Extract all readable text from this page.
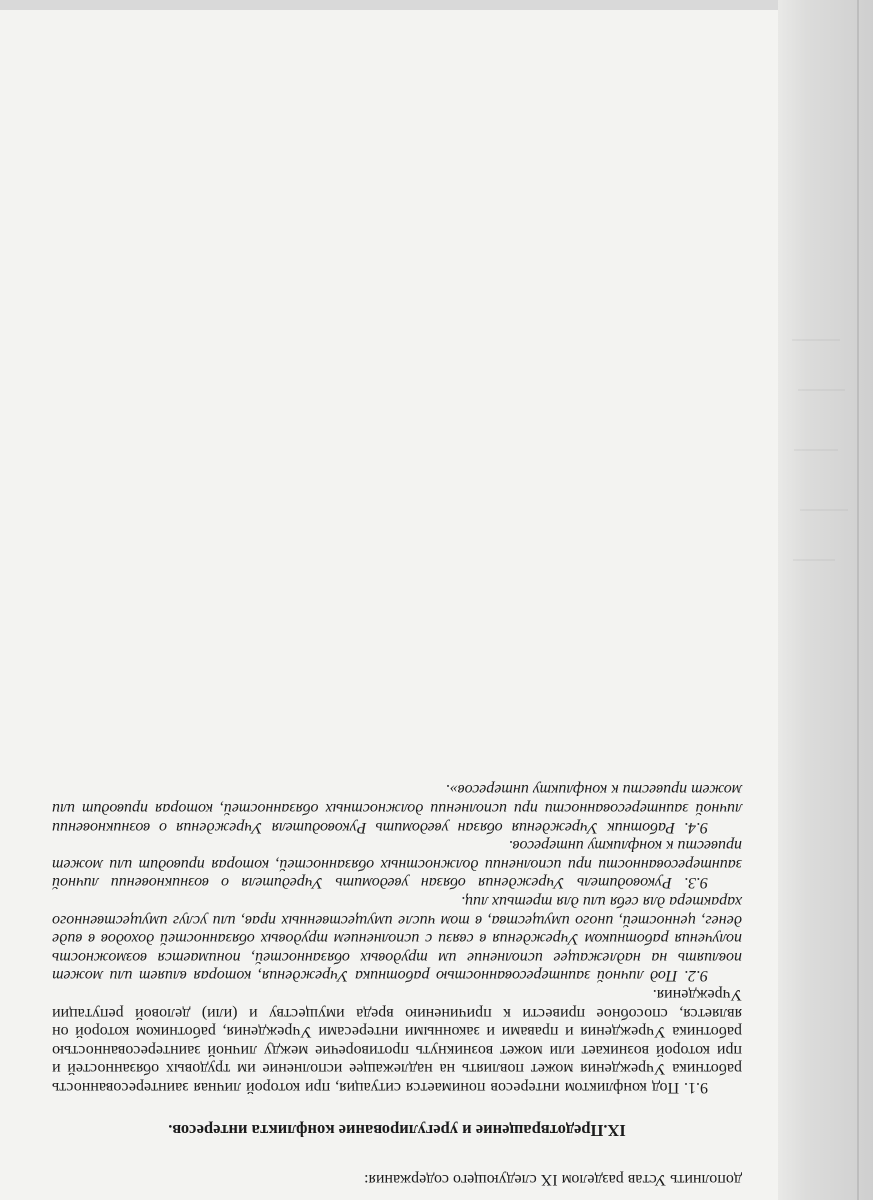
дополнить Устав разделом IX следующего содержания:

IX.Предотвращение и урегулирование конфликта интересов.

9.1. Под конфликтом интересов понимается ситуация, при которой личная заинтересованность работника Учреждения может повлиять на надлежащее исполнение им трудовых обязанностей и при которой возникает или может возникнуть противоречие между личной заинтересованностью работника Учреждения и правами и законными интересами Учреждения, работником которой он является, способное привести к причинению вреда имуществу и (или) деловой репутации Учреждения.

9.2. Под личной заинтересованностью работника Учреждения, которая влияет или может повлиять на надлежащее исполнение им трудовых обязанностей, понимается возможность получения работником Учреждения в связи с исполнением трудовых обязанностей доходов в виде денег, ценностей, иного имущества, в том числе имущественных прав, или услуг имущественного характера для себя или для третьих лиц.

9.3. Руководитель Учреждения обязан уведомить Учредителя о возникновении личной заинтересованности при исполнении должностных обязанностей, которая приводит или может привести к конфликту интересов.

9.4. Работник Учреждения обязан уведомить Руководителя Учреждения о возникновении личной заинтересованности при исполнении должностных обязанностей, которая приводит или может привести к конфликту интересов».
